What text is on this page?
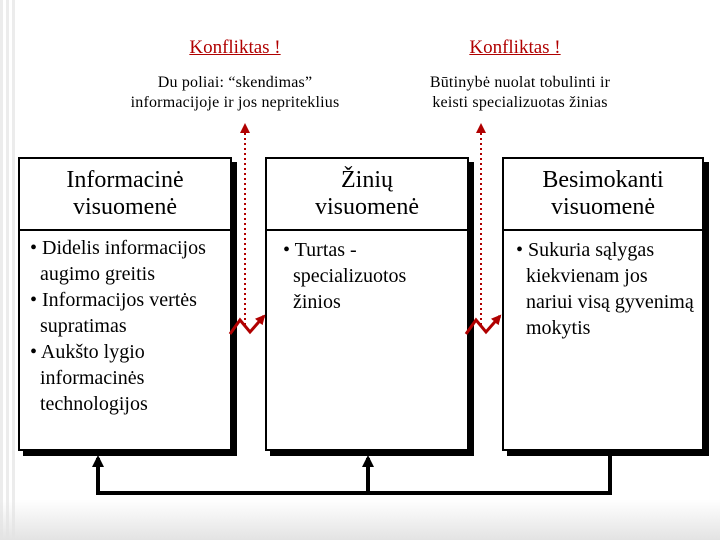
Konfliktas !
Du poliai: “skendimas”
informacijoje ir jos nepriteklius
Konfliktas !
Būtinybė nuolat tobulinti ir
keisti specializuotas žinias
Informacinė
visuomenė

• Didelis informacijos augimo greitis

• Informacijos vertės supratimas

• Aukšto lygio informacinės technologijos

Žinių
visuomenė

• Turtas - specializuotos žinios

Besimokanti
visuomenė

• Sukuria sąlygas kiekvienam jos nariui visą gyvenimą mokytis
